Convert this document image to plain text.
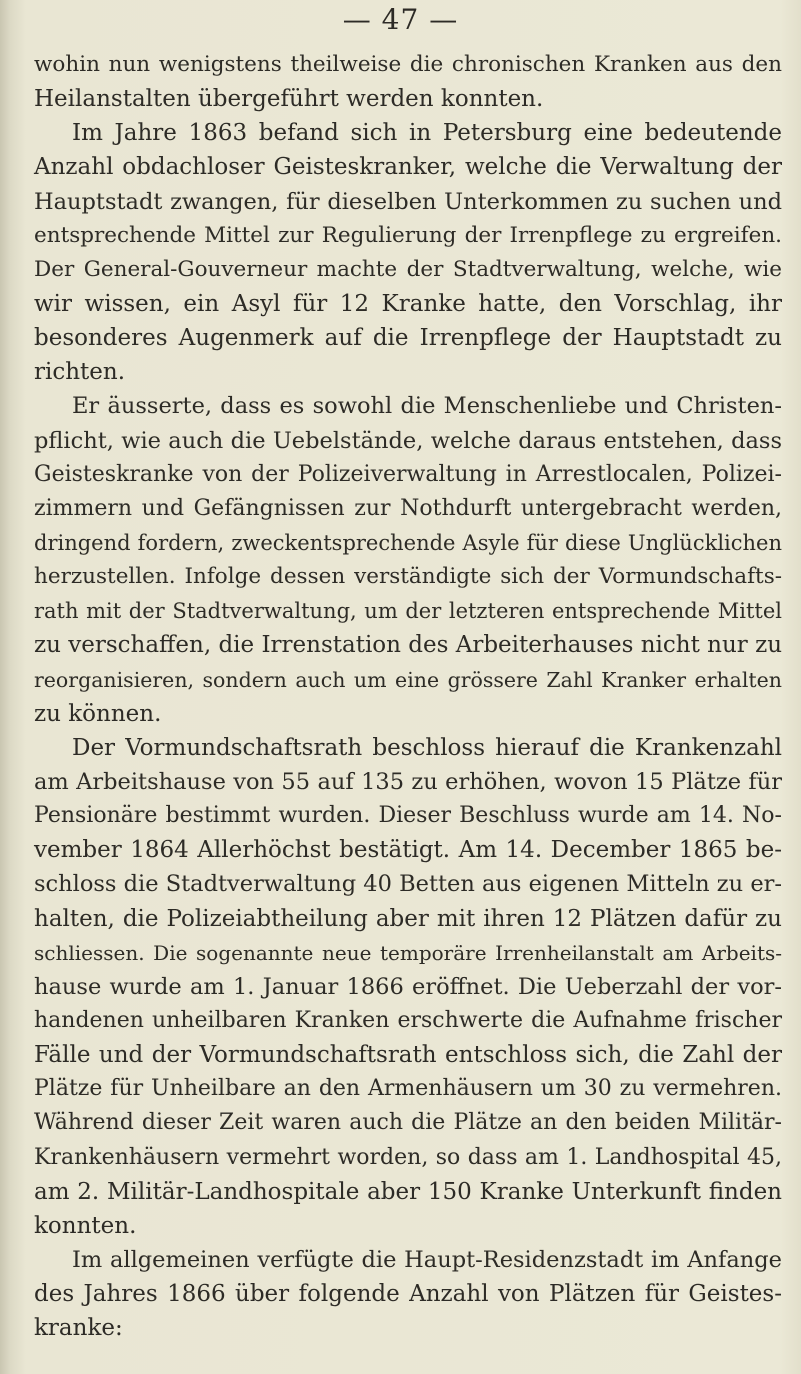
— 47 —
wohin nun wenigstens theilweise die chronischen Kranken aus den
Heilanstalten übergeführt werden konnten.
Im Jahre 1863 befand sich in Petersburg eine bedeutende
Anzahl obdachloser Geisteskranker, welche die Verwaltung der
Hauptstadt zwangen, für dieselben Unterkommen zu suchen und
entsprechende Mittel zur Regulierung der Irrenpflege zu ergreifen.
Der General-Gouverneur machte der Stadtverwaltung, welche, wie
wir wissen, ein Asyl für 12 Kranke hatte, den Vorschlag, ihr
besonderes Augenmerk auf die Irrenpflege der Hauptstadt zu
richten.
Er äusserte, dass es sowohl die Menschenliebe und Christen-
pflicht, wie auch die Uebelstände, welche daraus entstehen, dass
Geisteskranke von der Polizeiverwaltung in Arrestlocalen, Polizei-
zimmern und Gefängnissen zur Nothdurft untergebracht werden,
dringend fordern, zweckentsprechende Asyle für diese Unglücklichen
herzustellen. Infolge dessen verständigte sich der Vormundschafts-
rath mit der Stadtverwaltung, um der letzteren entsprechende Mittel
zu verschaffen, die Irrenstation des Arbeiterhauses nicht nur zu
reorganisieren, sondern auch um eine grössere Zahl Kranker erhalten
zu können.
Der Vormundschaftsrath beschloss hierauf die Krankenzahl
am Arbeitshause von 55 auf 135 zu erhöhen, wovon 15 Plätze für
Pensionäre bestimmt wurden. Dieser Beschluss wurde am 14. No-
vember 1864 Allerhöchst bestätigt. Am 14. December 1865 be-
schloss die Stadtverwaltung 40 Betten aus eigenen Mitteln zu er-
halten, die Polizeiabtheilung aber mit ihren 12 Plätzen dafür zu
schliessen. Die sogenannte neue temporäre Irrenheilanstalt am Arbeits-
hause wurde am 1. Januar 1866 eröffnet. Die Ueberzahl der vor-
handenen unheilbaren Kranken erschwerte die Aufnahme frischer
Fälle und der Vormundschaftsrath entschloss sich, die Zahl der
Plätze für Unheilbare an den Armenhäusern um 30 zu vermehren.
Während dieser Zeit waren auch die Plätze an den beiden Militär-
Krankenhäusern vermehrt worden, so dass am 1. Landhospital 45,
am 2. Militär-Landhospitale aber 150 Kranke Unterkunft finden
konnten.
Im allgemeinen verfügte die Haupt-Residenzstadt im Anfange
des Jahres 1866 über folgende Anzahl von Plätzen für Geistes-
kranke:
